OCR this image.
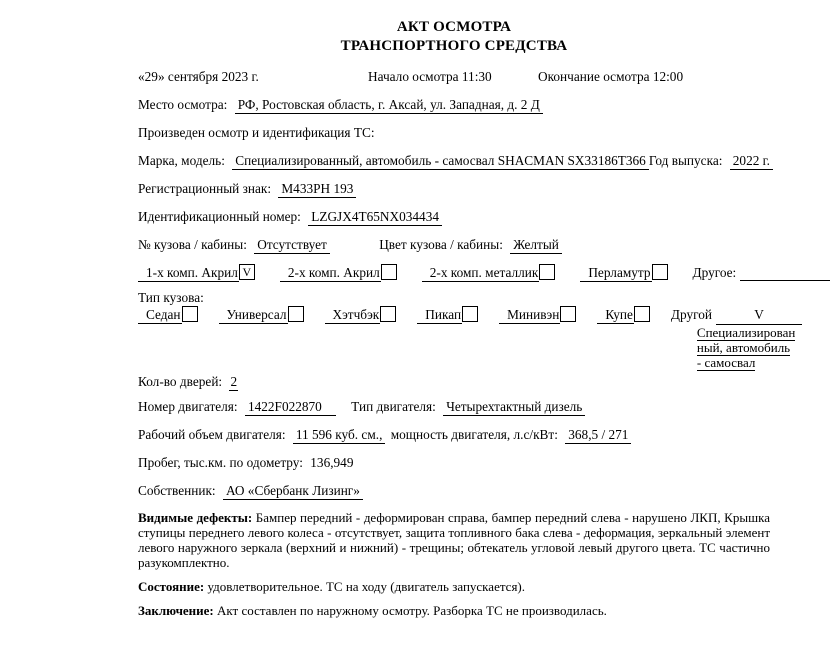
АКТ ОСМОТРА
ТРАНСПОРТНОГО СРЕДСТВА
«29» сентября 2023 г.	Начало осмотра 11:30	Окончание осмотра 12:00
Место осмотра: РФ, Ростовская область, г. Аксай, ул. Западная, д. 2 Д
Произведен осмотр и идентификация ТС:
Марка, модель: Специализированный, автомобиль - самосвал SHACMAN SX33186T366 Год выпуска: 2022 г.
Регистрационный знак: М433РН 193
Идентификационный номер: LZGJX4T65NX034434
№ кузова / кабины: Отсутствует	Цвет кузова / кабины: Желтый
1-х комп. Акрил V	2-х комп. Акрил	2-х комп. металлик	Перламутр	Другое:
Тип кузова:
Седан	Универсал	Хэтчбэк	Пикап	Минивэн	Купе	Другой	V
Специализирован
ный, автомобиль
- самосвал
Кол-во дверей: 2
Номер двигателя: 1422F022870 Тип двигателя: Четырехтактный дизель
Рабочий объем двигателя: 11 596 куб. см., мощность двигателя, л.с/кВт: 368,5 / 271
Пробег, тыс.км. по одометру: 136,949
Собственник: АО «Сбербанк Лизинг»

Видимые дефекты: Бампер передний - деформирован справа, бампер передний слева - нарушено ЛКП, Крышка ступицы переднего левого колеса - отсутствует, защита топливного бака слева - деформация, зеркальный элемент левого наружного зеркала (верхний и нижний) - трещины; обтекатель угловой левый другого цвета. ТС частично разукомплектно.

Состояние: удовлетворительное. ТС на ходу (двигатель запускается).

Заключение: Акт составлен по наружному осмотру. Разборка ТС не производилась.
